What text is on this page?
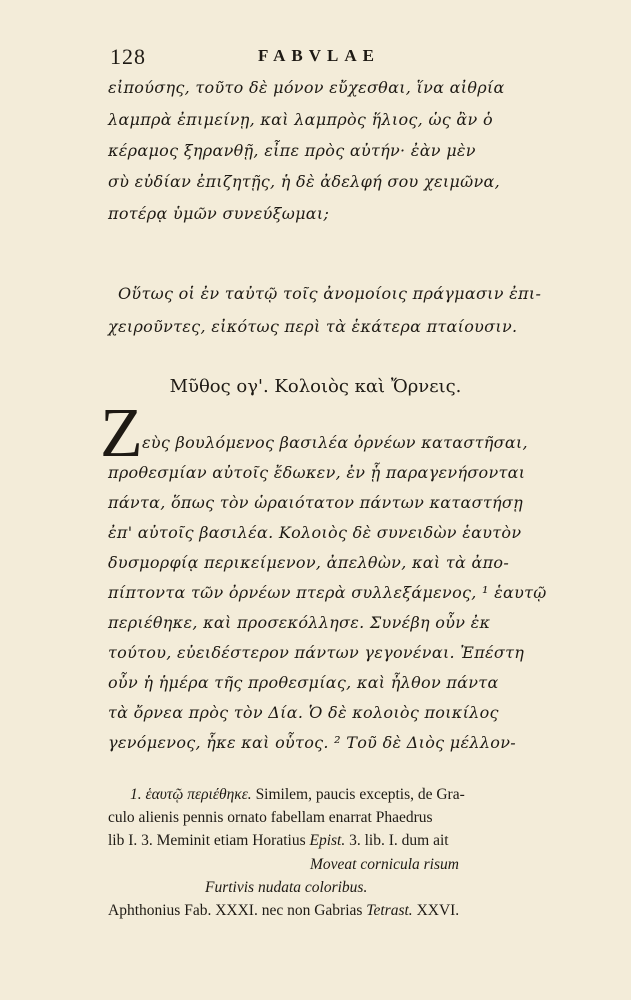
128	FABVLAE
εἰπούσης, τοῦτο δὲ μόνον εὔχεσθαι, ἵνα αἰθρία
λαμπρὰ ἐπιμείνῃ, καὶ λαμπρὸς ἥλιος, ὡς ἂν ὁ
κέραμος ξηρανθῇ, εἶπε πρὸς αὐτήν· ἐὰν μὲν
σὺ εὐδίαν ἐπιζητῇς, ἡ δὲ ἀδελφή σου χειμῶνα,
ποτέρᾳ ὑμῶν συνεύξωμαι;
Οὕτως οἱ ἐν ταὐτῷ τοῖς ἀνομοίοις πράγμασιν ἐπι-
χειροῦντες, εἰκότως περὶ τὰ ἑκάτερα πταίουσιν.
Μῦθος ογ'. Κολοιὸς καὶ Ὄρνεις.
Z εὺς βουλόμενος βασιλέα ὀρνέων καταστῆσαι,
προθεσμίαν αὐτοῖς ἔδωκεν, ἐν ᾗ παραγενήσονται
πάντα, ὅπως τὸν ὡραιότατον πάντων καταστήσῃ
ἐπ' αὐτοῖς βασιλέα. Κολοιὸς δὲ συνειδὼν ἑαυτὸν
δυσμορφίᾳ περικείμενον, ἀπελθὼν, καὶ τὰ ἀπο-
πίπτοντα τῶν ὀρνέων πτερὰ συλλεξάμενος, ¹ ἑαυτῷ
περιέθηκε, καὶ προσεκόλλησε. Συνέβη οὖν ἐκ
τούτου, εὐειδέστερον πάντων γεγονέναι. Ἐπέστη
οὖν ἡ ἡμέρα τῆς προθεσμίας, καὶ ἦλθον πάντα
τὰ ὄρνεα πρὸς τὸν Δία. Ὁ δὲ κολοιὸς ποικίλος
γενόμενος, ἧκε καὶ οὗτος. ² Τοῦ δὲ Διὸς μέλλον-
1. ἑαυτῷ περιέθηκε. Similem, paucis exceptis, de Gra-
culo alienis pennis ornato fabellam enarrat Phaedrus
lib I. 3. Meminit etiam Horatius Epist. 3. lib. I. dum ait
Moveat cornicula risum
Furtivis nudata coloribus.
Aphthonius Fab. XXXI. nec non Gabrias Tetrast. XXVI.
